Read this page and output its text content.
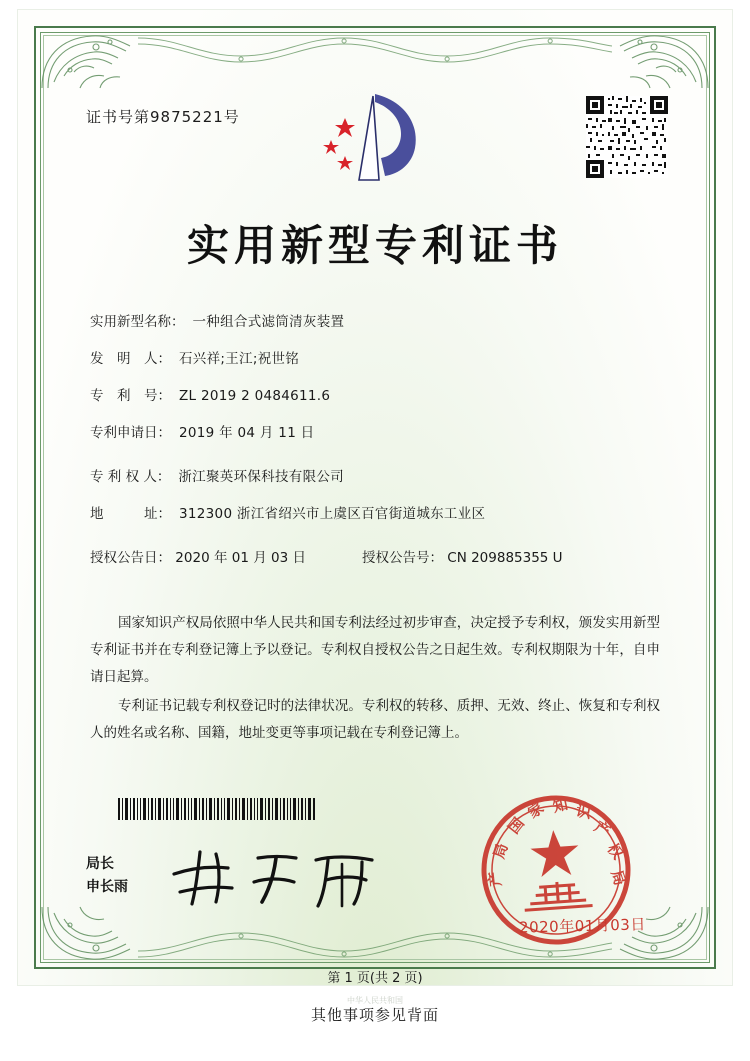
证书号第9875221号
实用新型专利证书
实用新型名称： 一种组合式滤筒清灰装置
发　明　人： 石兴祥;王江;祝世铭
专　利　号： ZL 2019 2 0484611.6
专利申请日： 2019 年 04 月 11 日
专 利 权 人： 浙江聚英环保科技有限公司
地　　　址： 312300 浙江省绍兴市上虞区百官街道城东工业区
授权公告日： 2020 年 01 月 03 日	授权公告号： CN 209885355 U

国家知识产权局依照中华人民共和国专利法经过初步审查，决定授予专利权，颁发实用新型专利证书并在专利登记簿上予以登记。专利权自授权公告之日起生效。专利权期限为十年，自申请日起算。

专利证书记载专利权登记时的法律状况。专利权的转移、质押、无效、终止、恢复和专利权人的姓名或名称、国籍，地址变更等事项记载在专利登记簿上。

局长
申长雨
国
家 知 识
产
权
局
局
产
2020年01月03日
第 1 页(共 2 页)
中华人民共和国
其他事项参见背面
